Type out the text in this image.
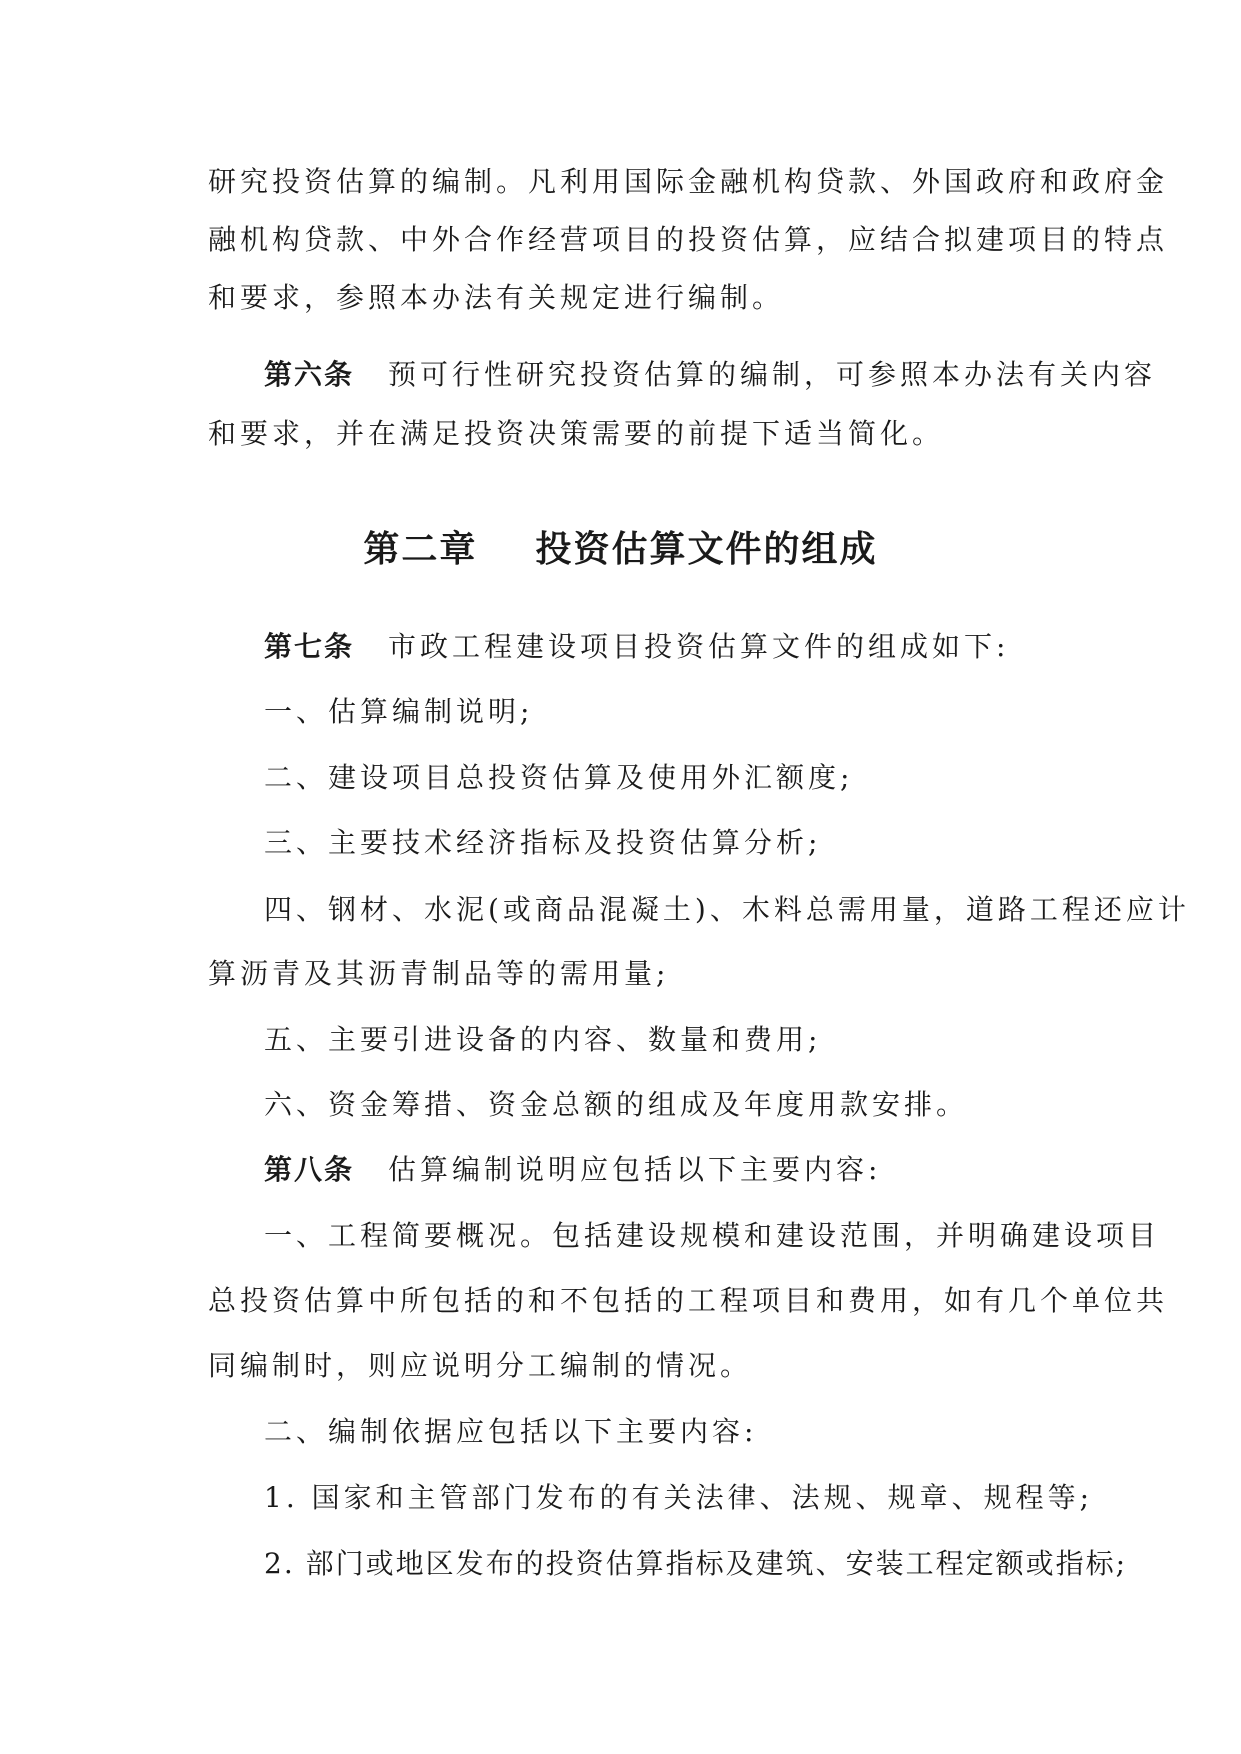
研究投资估算的编制。凡利用国际金融机构贷款、外国政府和政府金
融机构贷款、中外合作经营项目的投资估算，应结合拟建项目的特点
和要求，参照本办法有关规定进行编制。
第六条 预可行性研究投资估算的编制，可参照本办法有关内容
和要求，并在满足投资决策需要的前提下适当简化。
第二章    投资估算文件的组成
第七条 市政工程建设项目投资估算文件的组成如下:
一、估算编制说明;
二、建设项目总投资估算及使用外汇额度;
三、主要技术经济指标及投资估算分析;
四、钢材、水泥(或商品混凝土)、木料总需用量，道路工程还应计
算沥青及其沥青制品等的需用量;
五、主要引进设备的内容、数量和费用;
六、资金筹措、资金总额的组成及年度用款安排。
第八条 估算编制说明应包括以下主要内容:
一、工程简要概况。包括建设规模和建设范围，并明确建设项目
总投资估算中所包括的和不包括的工程项目和费用，如有几个单位共
同编制时，则应说明分工编制的情况。
二、编制依据应包括以下主要内容:
1. 国家和主管部门发布的有关法律、法规、规章、规程等;
2. 部门或地区发布的投资估算指标及建筑、安装工程定额或指标;
